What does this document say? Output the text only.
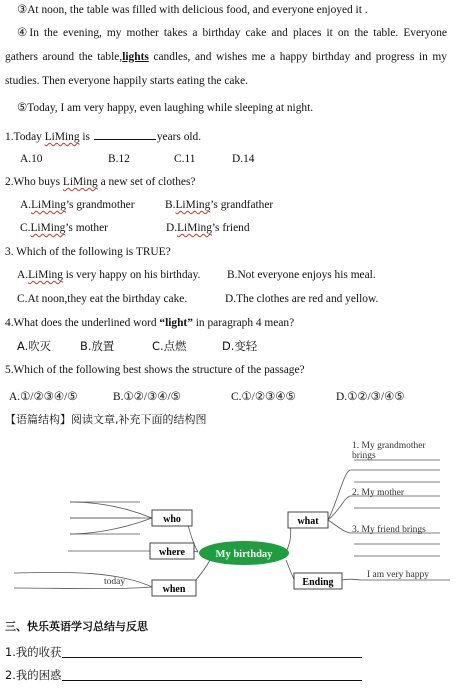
③At noon, the table was filled with delicious food, and everyone enjoyed it .
④In the evening, my mother takes a birthday cake and places it on the table. Everyone gathers around the table,lights candles, and wishes me a happy birthday and progress in my studies. Then everyone happily starts eating the cake.
⑤Today, I am very happy, even laughing while sleeping at night.
1.Today LiMing is	years old.
A.10	B.12	C.11	D.14
2.Who buys LiMing a new set of clothes?
A.LiMing’s grandmother	B.LiMing’s grandfather
C.LiMing’s mother	D.LiMing’s friend
3. Which of the following is TRUE?
A.LiMing is very happy on his birthday. B.Not everyone enjoys his meal.
C.At noon,they eat the birthday cake.	D.The clothes are red and yellow.
4.What does the underlined word “light” in paragraph 4 mean?
A.吹灭	B.放置	C.点燃	D.变轻
5.Which of the following best shows the structure of the passage?
A.①/②③④/⑤	B.①②/③④/⑤	C.①/②③④⑤	D.①②/③/④⑤
【语篇结构】阅读文章,补充下面的结构图
My birthday
who
where
when
what
Ending
today
1. My grandmother
brings
2. My mother
3. My friend brings
I am very happy
三、快乐英语学习总结与反思
1.我的收获
2.我的困惑
